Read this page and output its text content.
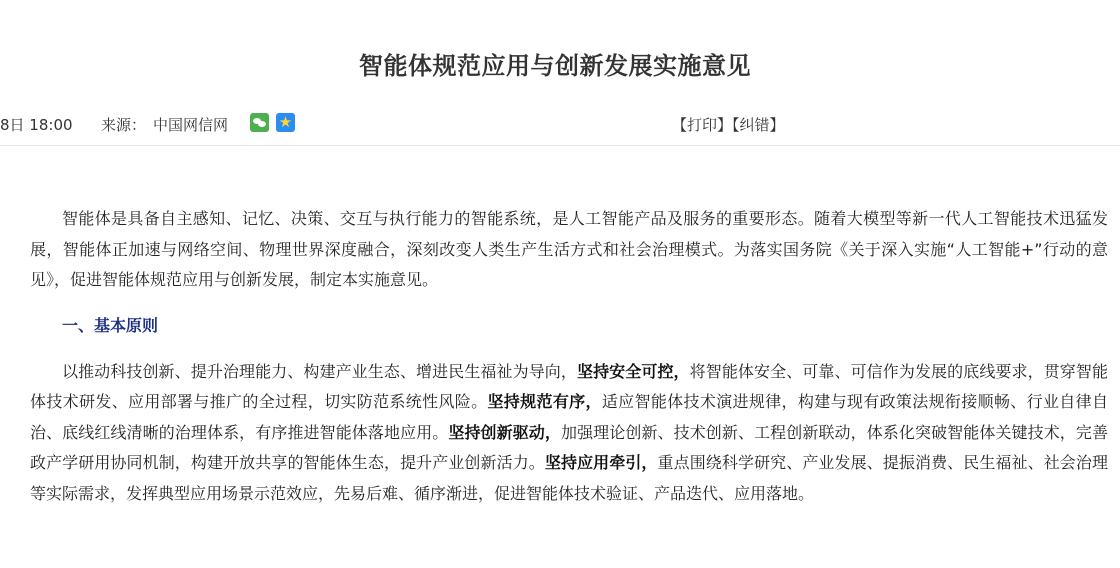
智能体规范应用与创新发展实施意见
8日 18:00 来源： 中国网信网	★	【打印】【纠错】

智能体是具备自主感知、记忆、决策、交互与执行能力的智能系统，是人工智能产品及服务的重要形态。随着大模型等新一代人工智能技术迅猛发展，智能体正加速与网络空间、物理世界深度融合，深刻改变人类生产生活方式和社会治理模式。为落实国务院《关于深入实施“人工智能+”行动的意见》，促进智能体规范应用与创新发展，制定本实施意见。

一、基本原则

以推动科技创新、提升治理能力、构建产业生态、增进民生福祉为导向，坚持安全可控，将智能体安全、可靠、可信作为发展的底线要求，贯穿智能体技术研发、应用部署与推广的全过程，切实防范系统性风险。坚持规范有序，适应智能体技术演进规律，构建与现有政策法规衔接顺畅、行业自律自治、底线红线清晰的治理体系，有序推进智能体落地应用。坚持创新驱动，加强理论创新、技术创新、工程创新联动，体系化突破智能体关键技术，完善政产学研用协同机制，构建开放共享的智能体生态，提升产业创新活力。坚持应用牵引，重点围绕科学研究、产业发展、提振消费、民生福祉、社会治理等实际需求，发挥典型应用场景示范效应，先易后难、循序渐进，促进智能体技术验证、产品迭代、应用落地。
